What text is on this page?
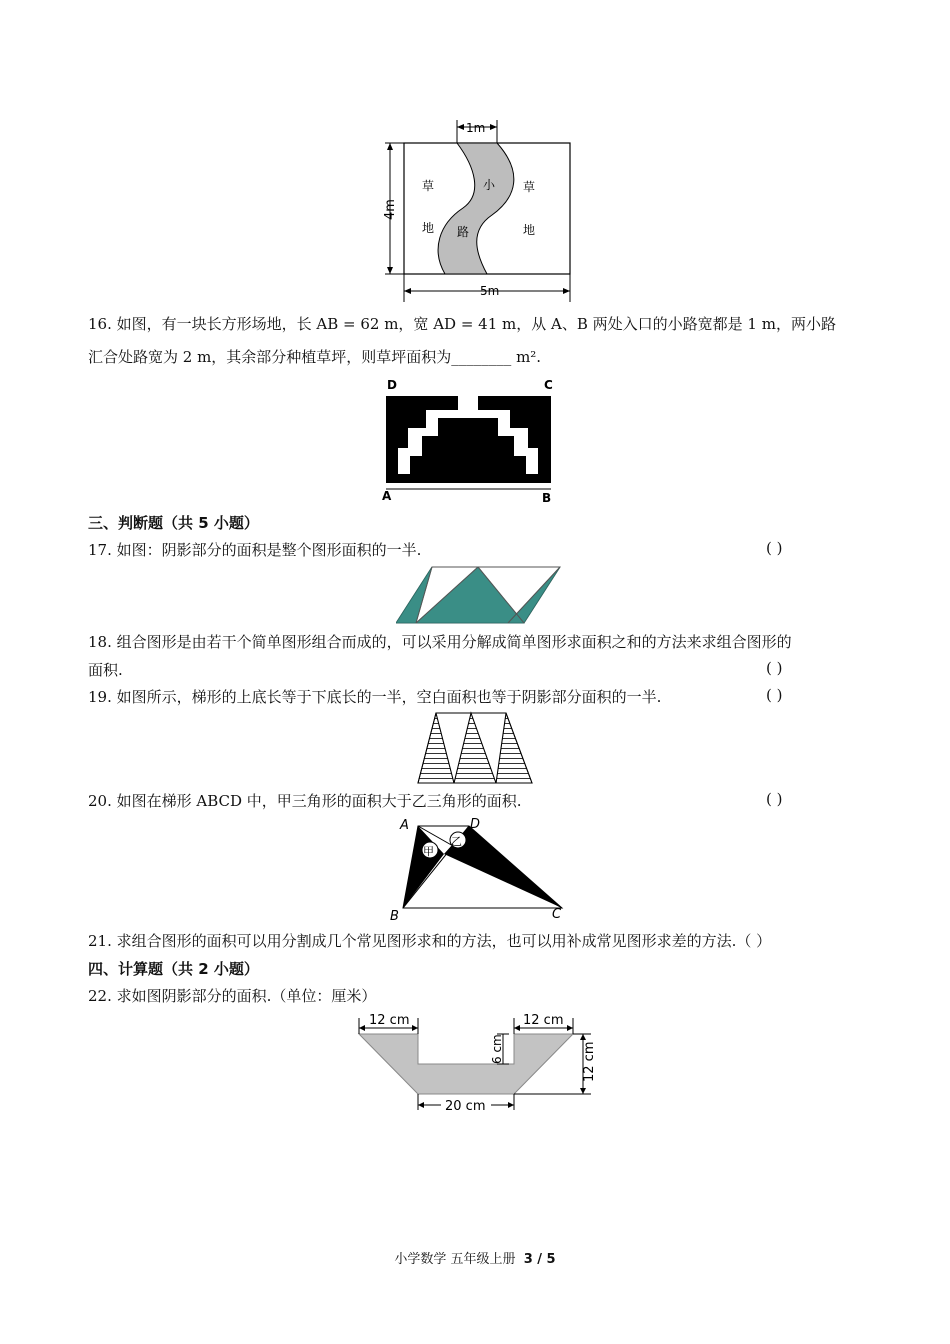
1m
4m
5m
草
地
小
路
草
地
16. 如图，有一块长方形场地，长 AB = 62 m，宽 AD = 41 m，从 A、B 两处入口的小路宽都是 1 m，两小路
汇合处路宽为 2 m，其余部分种植草坪，则草坪面积为________ m².
D	C
A	B
三、判断题（共 5 小题）
17. 如图：阴影部分的面积是整个图形面积的一半.	( )
18. 组合图形是由若干个简单图形组合而成的，可以采用分解成简单图形求面积之和的方法来求组合图形的
面积.	( )
19. 如图所示，梯形的上底长等于下底长的一半，空白面积也等于阴影部分面积的一半.	( )
20. 如图在梯形 ABCD 中，甲三角形的面积大于乙三角形的面积.	( )
甲
乙
A	D
B	C
21. 求组合图形的面积可以用分割成几个常见图形求和的方法，也可以用补成常见图形求差的方法.（ ）
四、计算题（共 2 小题）
22. 求如图阴影部分的面积.（单位：厘米）
12 cm	12 cm
6 cm	12 cm
20 cm
小学数学 五年级上册 3 / 5
